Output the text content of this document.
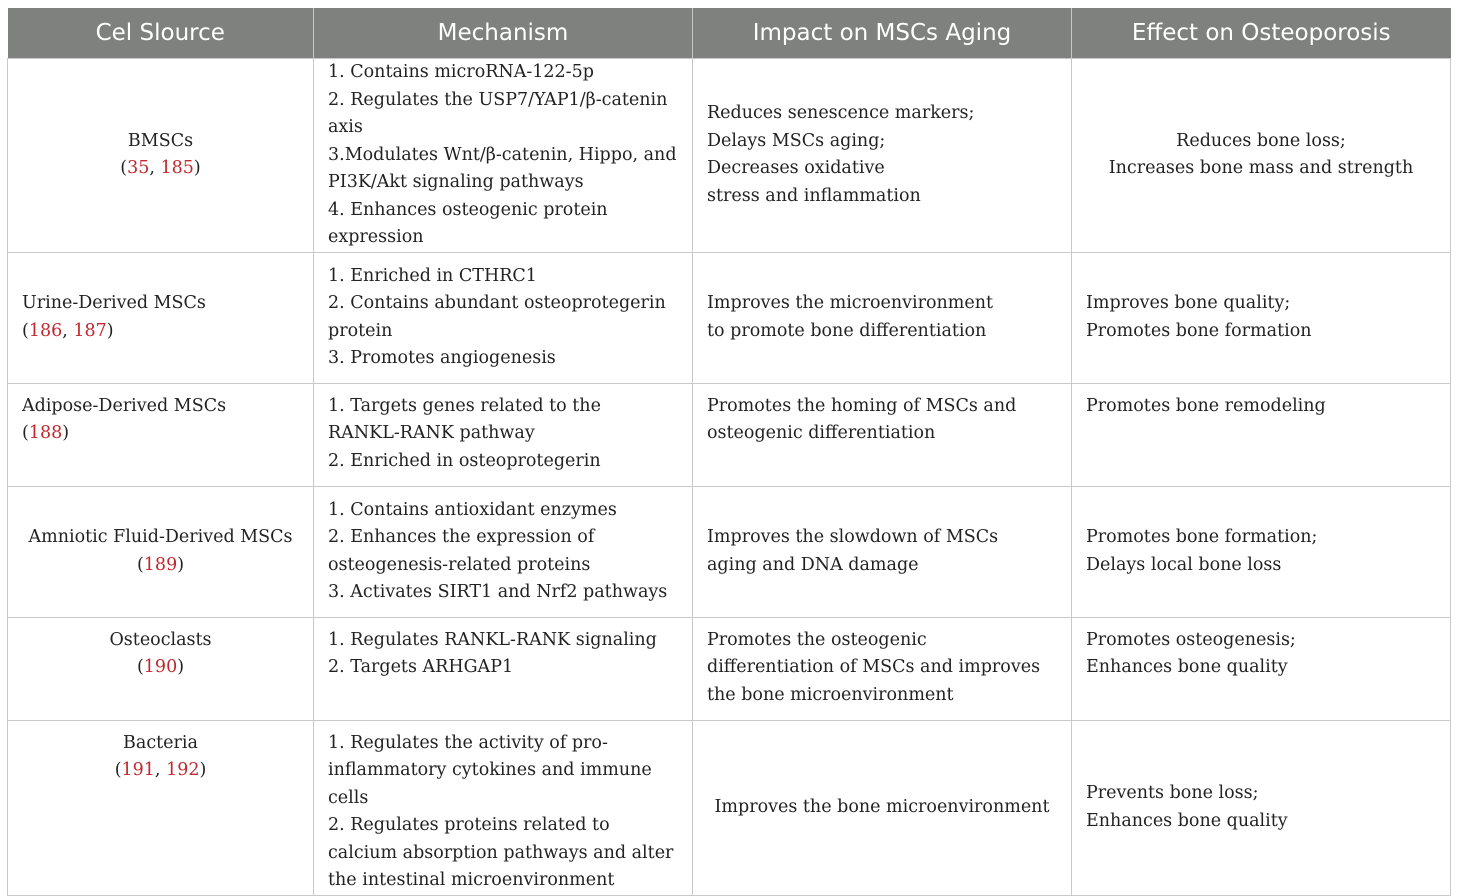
Cel Slource	Mechanism	Impact on MSCs Aging	Effect on Osteoporosis

BMSCs
(35, 185)	1. Contains microRNA-122-5p
2. Regulates the USP7/YAP1/β-catenin axis
3.Modulates Wnt/β-catenin, Hippo, and PI3K/Akt signaling pathways
4. Enhances osteogenic protein expression	Reduces senescence markers;
Delays MSCs aging;
Decreases oxidative stress and inflammation	Reduces bone loss;
Increases bone mass and strength

Urine-Derived MSCs
(186, 187)	1. Enriched in CTHRC1
2. Contains abundant osteoprotegerin protein
3. Promotes angiogenesis	Improves the microenvironment to promote bone differentiation	Improves bone quality;
Promotes bone formation

Adipose-Derived MSCs
(188)	1. Targets genes related to the RANKL-RANK pathway
2. Enriched in osteoprotegerin	Promotes the homing of MSCs and osteogenic differentiation	Promotes bone remodeling

Amniotic Fluid-Derived MSCs
(189)	1. Contains antioxidant enzymes
2. Enhances the expression of osteogenesis-related proteins
3. Activates SIRT1 and Nrf2 pathways	Improves the slowdown of MSCs aging and DNA damage	Promotes bone formation;
Delays local bone loss

Osteoclasts
(190)	1. Regulates RANKL-RANK signaling
2. Targets ARHGAP1	Promotes the osteogenic differentiation of MSCs and improves the bone microenvironment	Promotes osteogenesis;
Enhances bone quality

Bacteria
(191, 192)	1. Regulates the activity of pro-inflammatory cytokines and immune cells
2. Regulates proteins related to calcium absorption pathways and alter the intestinal microenvironment	Improves the bone microenvironment	Prevents bone loss;
Enhances bone quality
